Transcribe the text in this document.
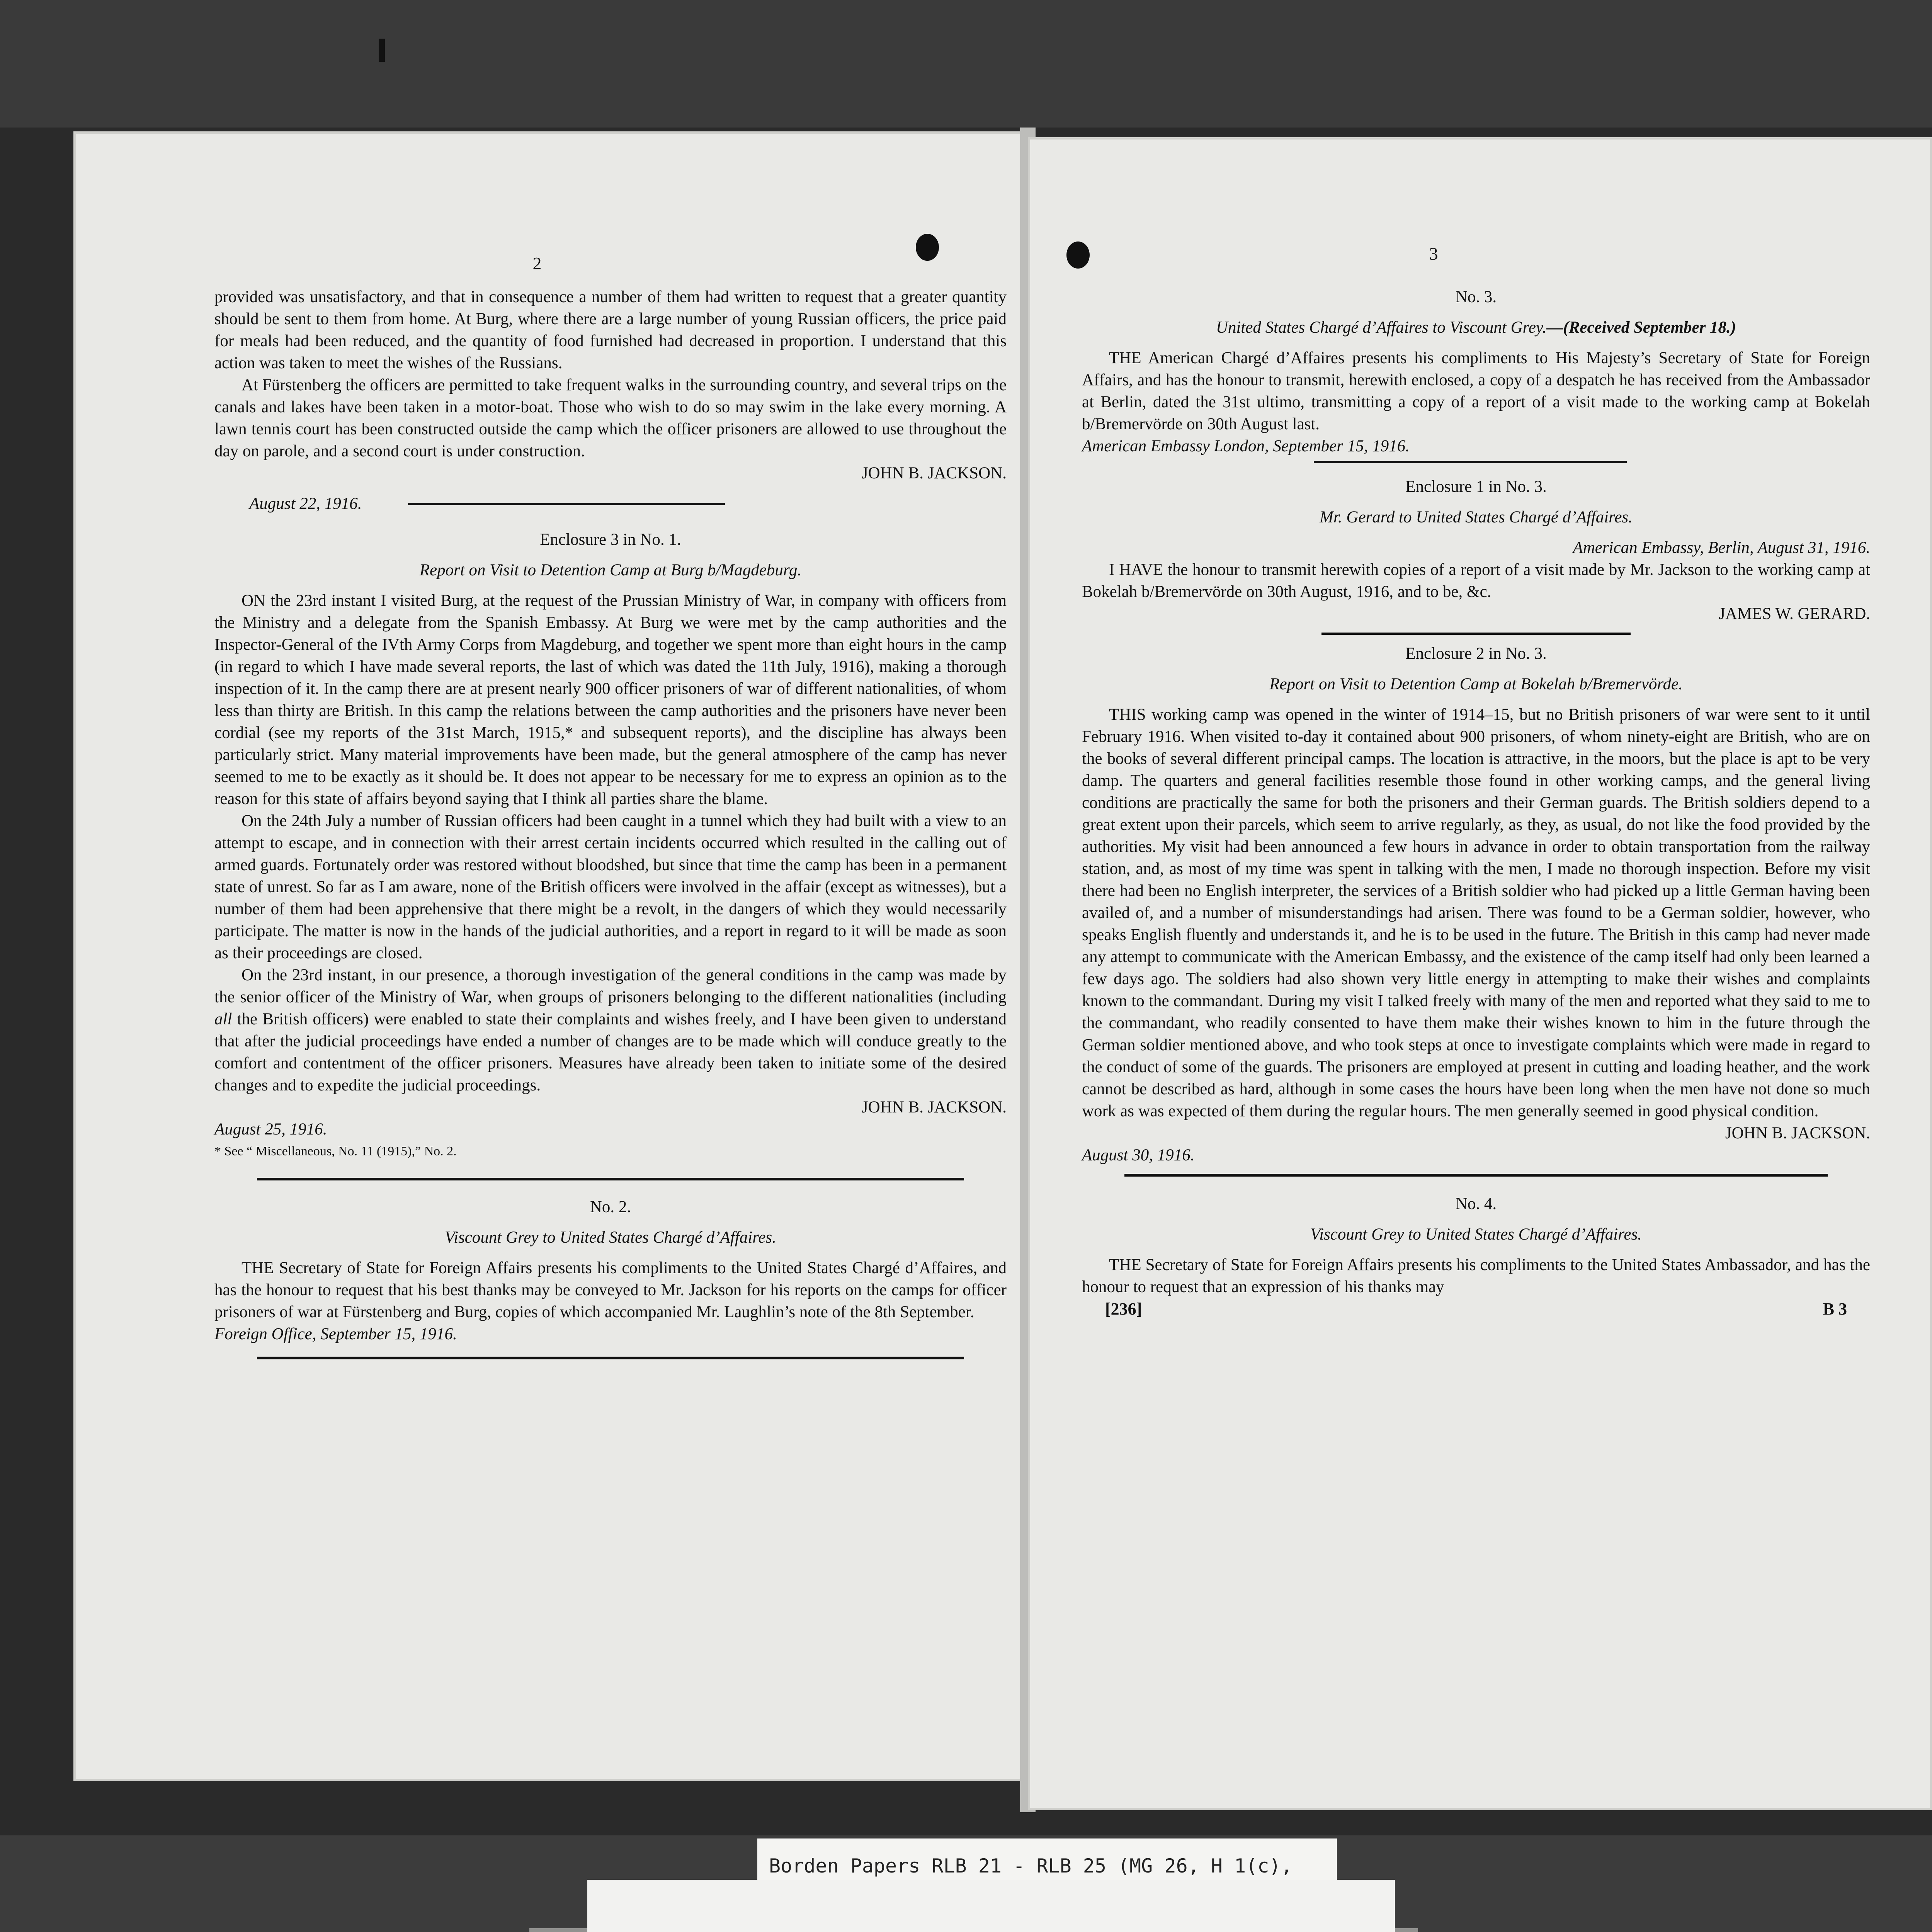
2

provided was unsatisfactory, and that in consequence a number of them had written to request that a greater quantity should be sent to them from home. At Burg, where there are a large number of young Russian officers, the price paid for meals had been reduced, and the quantity of food furnished had decreased in proportion. I understand that this action was taken to meet the wishes of the Russians.

At Fürstenberg the officers are permitted to take frequent walks in the surrounding country, and several trips on the canals and lakes have been taken in a motor-boat. Those who wish to do so may swim in the lake every morning. A lawn tennis court has been constructed outside the camp which the officer prisoners are allowed to use throughout the day on parole, and a second court is under construction.

JOHN B. JACKSON.

August 22, 1916.

Enclosure 3 in No. 1.

Report on Visit to Detention Camp at Burg b/Magdeburg.

ON the 23rd instant I visited Burg, at the request of the Prussian Ministry of War, in company with officers from the Ministry and a delegate from the Spanish Embassy. At Burg we were met by the camp authorities and the Inspector-General of the IVth Army Corps from Magdeburg, and together we spent more than eight hours in the camp (in regard to which I have made several reports, the last of which was dated the 11th July, 1916), making a thorough inspection of it. In the camp there are at present nearly 900 officer prisoners of war of different nationalities, of whom less than thirty are British. In this camp the relations between the camp authorities and the prisoners have never been cordial (see my reports of the 31st March, 1915,* and subsequent reports), and the discipline has always been particularly strict. Many material improvements have been made, but the general atmosphere of the camp has never seemed to me to be exactly as it should be. It does not appear to be necessary for me to express an opinion as to the reason for this state of affairs beyond saying that I think all parties share the blame.

On the 24th July a number of Russian officers had been caught in a tunnel which they had built with a view to an attempt to escape, and in connection with their arrest certain incidents occurred which resulted in the calling out of armed guards. Fortunately order was restored without bloodshed, but since that time the camp has been in a permanent state of unrest. So far as I am aware, none of the British officers were involved in the affair (except as witnesses), but a number of them had been apprehensive that there might be a revolt, in the dangers of which they would necessarily participate. The matter is now in the hands of the judicial authorities, and a report in regard to it will be made as soon as their proceedings are closed.

On the 23rd instant, in our presence, a thorough investigation of the general conditions in the camp was made by the senior officer of the Ministry of War, when groups of prisoners belonging to the different nationalities (including all the British officers) were enabled to state their complaints and wishes freely, and I have been given to understand that after the judicial proceedings have ended a number of changes are to be made which will conduce greatly to the comfort and contentment of the officer prisoners. Measures have already been taken to initiate some of the desired changes and to expedite the judicial proceedings.

JOHN B. JACKSON.

August 25, 1916.

* See “ Miscellaneous, No. 11 (1915),” No. 2.

No. 2.

Viscount Grey to United States Chargé d’Affaires.

THE Secretary of State for Foreign Affairs presents his compliments to the United States Chargé d’Affaires, and has the honour to request that his best thanks may be conveyed to Mr. Jackson for his reports on the camps for officer prisoners of war at Fürstenberg and Burg, copies of which accompanied Mr. Laughlin’s note of the 8th September.

Foreign Office, September 15, 1916.

3

No. 3.

United States Chargé d’Affaires to Viscount Grey.—(Received September 18.)

THE American Chargé d’Affaires presents his compliments to His Majesty’s Secretary of State for Foreign Affairs, and has the honour to transmit, herewith enclosed, a copy of a despatch he has received from the Ambassador at Berlin, dated the 31st ultimo, transmitting a copy of a report of a visit made to the working camp at Bokelah b/Bremervörde on 30th August last.

American Embassy London, September 15, 1916.

Enclosure 1 in No. 3.

Mr. Gerard to United States Chargé d’Affaires.

American Embassy, Berlin, August 31, 1916.

I HAVE the honour to transmit herewith copies of a report of a visit made by Mr. Jackson to the working camp at Bokelah b/Bremervörde on 30th August, 1916, and to be, &c.

JAMES W. GERARD.

Enclosure 2 in No. 3.

Report on Visit to Detention Camp at Bokelah b/Bremervörde.

THIS working camp was opened in the winter of 1914–15, but no British prisoners of war were sent to it until February 1916. When visited to-day it contained about 900 prisoners, of whom ninety-eight are British, who are on the books of several different principal camps. The location is attractive, in the moors, but the place is apt to be very damp. The quarters and general facilities resemble those found in other working camps, and the general living conditions are practically the same for both the prisoners and their German guards. The British soldiers depend to a great extent upon their parcels, which seem to arrive regularly, as they, as usual, do not like the food provided by the authorities. My visit had been announced a few hours in advance in order to obtain transportation from the railway station, and, as most of my time was spent in talking with the men, I made no thorough inspection. Before my visit there had been no English interpreter, the services of a British soldier who had picked up a little German having been availed of, and a number of misunderstandings had arisen. There was found to be a German soldier, however, who speaks English fluently and understands it, and he is to be used in the future. The British in this camp had never made any attempt to communicate with the American Embassy, and the existence of the camp itself had only been learned a few days ago. The soldiers had also shown very little energy in attempting to make their wishes and complaints known to the commandant. During my visit I talked freely with many of the men and reported what they said to me to the commandant, who readily consented to have them make their wishes known to him in the future through the German soldier mentioned above, and who took steps at once to investigate complaints which were made in regard to the conduct of some of the guards. The prisoners are employed at present in cutting and loading heather, and the work cannot be described as hard, although in some cases the hours have been long when the men have not done so much work as was expected of them during the regular hours. The men generally seemed in good physical condition.

JOHN B. JACKSON.

August 30, 1916.

No. 4.

Viscount Grey to United States Chargé d’Affaires.

THE Secretary of State for Foreign Affairs presents his compliments to the United States Ambassador, and has the honour to request that an expression of his thanks may

[236]	B 3
Borden Papers RLB 21 - RLB 25 (MG 26, H 1(c),
